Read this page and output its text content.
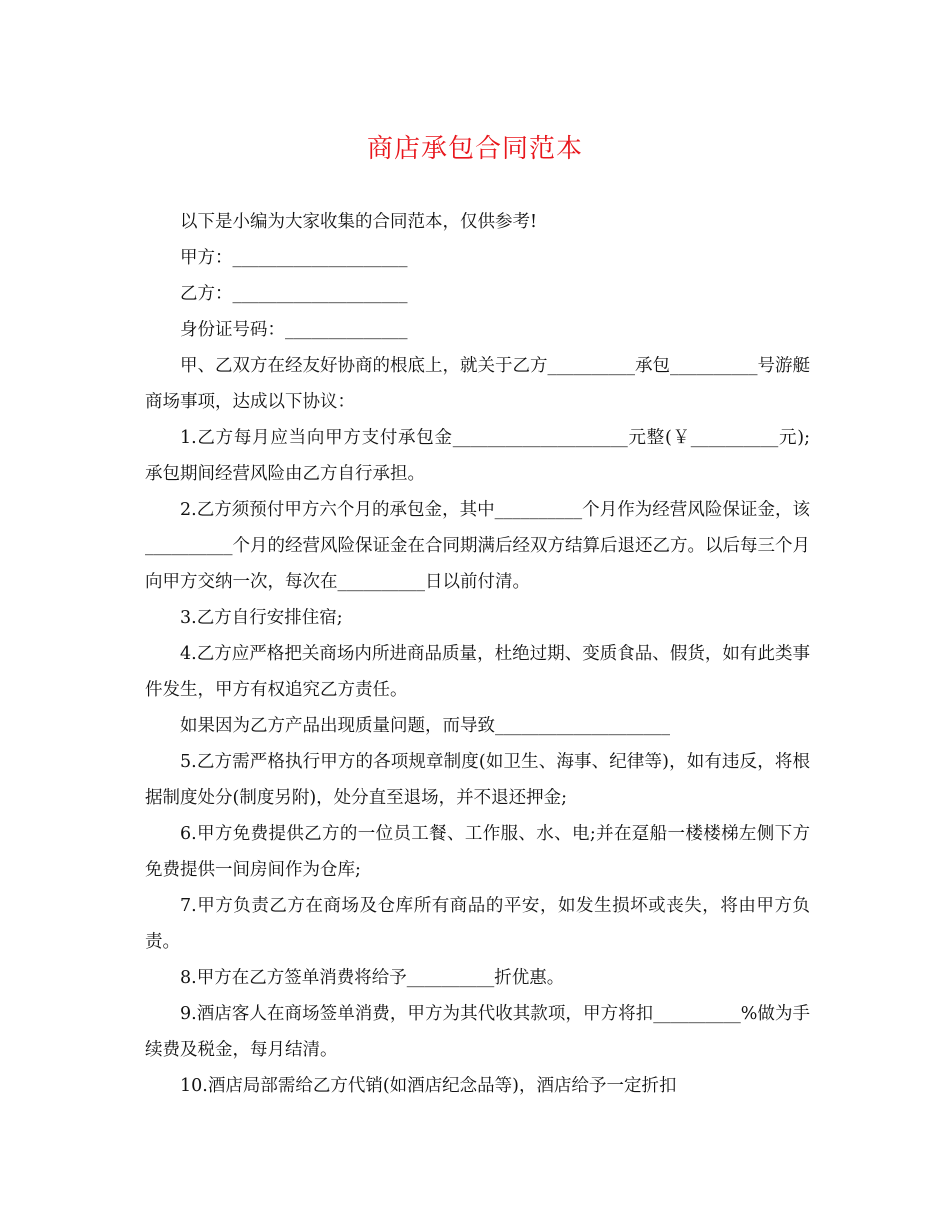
商店承包合同范本

以下是小编为大家收集的合同范本，仅供参考!

甲方：____________________

乙方：____________________

身份证号码：______________

甲、乙双方在经友好协商的根底上，就关于乙方__________承包__________号游艇商场事项，达成以下协议：

1.乙方每月应当向甲方支付承包金____________________元整(￥__________元);承包期间经营风险由乙方自行承担。

2.乙方须预付甲方六个月的承包金，其中__________个月作为经营风险保证金，该__________个月的经营风险保证金在合同期满后经双方结算后退还乙方。以后每三个月向甲方交纳一次，每次在__________日以前付清。

3.乙方自行安排住宿;

4.乙方应严格把关商场内所进商品质量，杜绝过期、变质食品、假货，如有此类事件发生，甲方有权追究乙方责任。

如果因为乙方产品出现质量问题，而导致____________________

5.乙方需严格执行甲方的各项规章制度(如卫生、海事、纪律等)，如有违反，将根据制度处分(制度另附)，处分直至退场，并不退还押金;

6.甲方免费提供乙方的一位员工餐、工作服、水、电;并在趸船一楼楼梯左侧下方免费提供一间房间作为仓库;

7.甲方负责乙方在商场及仓库所有商品的平安，如发生损坏或丧失，将由甲方负责。

8.甲方在乙方签单消费将给予__________折优惠。

9.酒店客人在商场签单消费，甲方为其代收其款项，甲方将扣__________%做为手续费及税金，每月结清。

10.酒店局部需给乙方代销(如酒店纪念品等)，酒店给予一定折扣
